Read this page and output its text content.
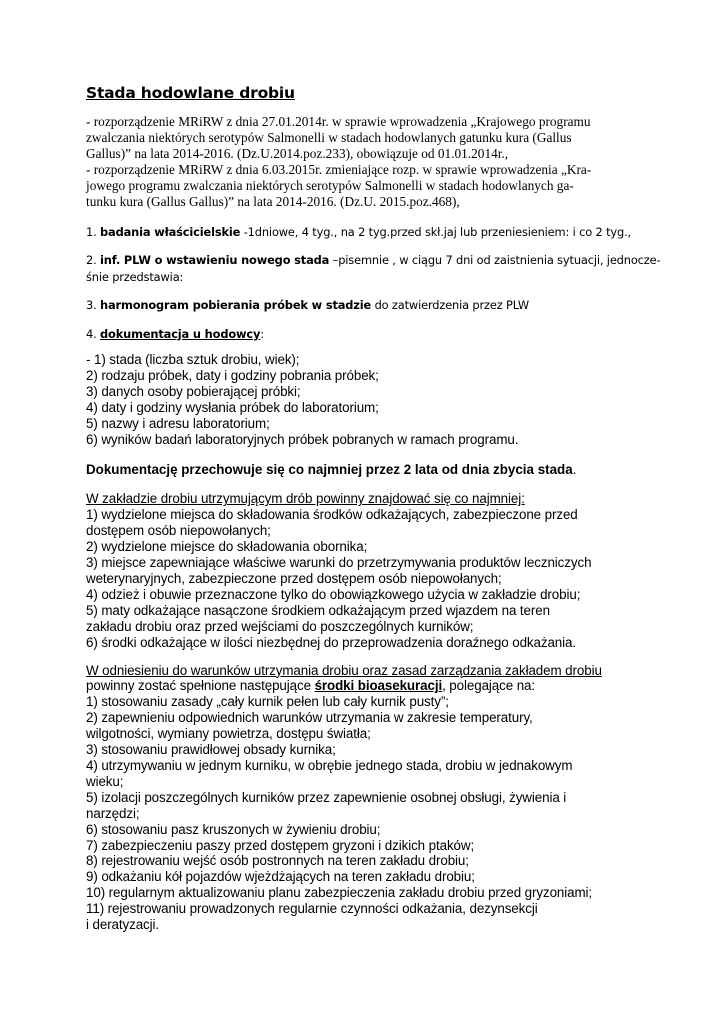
Stada hodowlane drobiu
- rozporządzenie MRiRW z dnia 27.01.2014r. w sprawie wprowadzenia „Krajowego programu
zwalczania niektórych serotypów Salmonelli w stadach hodowlanych gatunku kura (Gallus
Gallus)” na lata 2014-2016. (Dz.U.2014.poz.233), obowiązuje od 01.01.2014r.,
- rozporządzenie MRiRW z dnia 6.03.2015r. zmieniające rozp. w sprawie wprowadzenia „Kra-
jowego programu zwalczania niektórych serotypów Salmonelli w stadach hodowlanych ga-
tunku kura (Gallus Gallus)” na lata 2014-2016. (Dz.U. 2015.poz.468),
1. badania właścicielskie -1dniowe, 4 tyg., na 2 tyg.przed skł.jaj lub przeniesieniem: i co 2 tyg.,
2. inf. PLW o wstawieniu nowego stada –pisemnie , w ciągu 7 dni od zaistnienia sytuacji, jednocze-
śnie przedstawia:
3. harmonogram pobierania próbek w stadzie do zatwierdzenia przez PLW
4. dokumentacja u hodowcy:
- 1) stada (liczba sztuk drobiu, wiek);
2) rodzaju próbek, daty i godziny pobrania próbek;
3) danych osoby pobierającej próbki;
4) daty i godziny wysłania próbek do laboratorium;
5) nazwy i adresu laboratorium;
6) wyników badań laboratoryjnych próbek pobranych w ramach programu.
Dokumentację przechowuje się co najmniej przez 2 lata od dnia zbycia stada.
W zakładzie drobiu utrzymującym drób powinny znajdować się co najmniej:
1) wydzielone miejsca do składowania środków odkażających, zabezpieczone przed
dostępem osób niepowołanych;
2) wydzielone miejsce do składowania obornika;
3) miejsce zapewniające właściwe warunki do przetrzymywania produktów leczniczych
weterynaryjnych, zabezpieczone przed dostępem osób niepowołanych;
4) odzież i obuwie przeznaczone tylko do obowiązkowego użycia w zakładzie drobiu;
5) maty odkażające nasączone środkiem odkażającym przed wjazdem na teren
zakładu drobiu oraz przed wejściami do poszczególnych kurników;
6) środki odkażające w ilości niezbędnej do przeprowadzenia doraźnego odkażania.
W odniesieniu do warunków utrzymania drobiu oraz zasad zarządzania zakładem drobiu
powinny zostać spełnione następujące środki bioasekuracji, polegające na:
1) stosowaniu zasady „cały kurnik pełen lub cały kurnik pusty”;
2) zapewnieniu odpowiednich warunków utrzymania w zakresie temperatury,
wilgotności, wymiany powietrza, dostępu światła;
3) stosowaniu prawidłowej obsady kurnika;
4) utrzymywaniu w jednym kurniku, w obrębie jednego stada, drobiu w jednakowym
wieku;
5) izolacji poszczególnych kurników przez zapewnienie osobnej obsługi, żywienia i
narzędzi;
6) stosowaniu pasz kruszonych w żywieniu drobiu;
7) zabezpieczeniu paszy przed dostępem gryzoni i dzikich ptaków;
8) rejestrowaniu wejść osób postronnych na teren zakładu drobiu;
9) odkażaniu kół pojazdów wjeżdżających na teren zakładu drobiu;
10) regularnym aktualizowaniu planu zabezpieczenia zakładu drobiu przed gryzoniami;
11) rejestrowaniu prowadzonych regularnie czynności odkażania, dezynsekcji
i deratyzacji.
